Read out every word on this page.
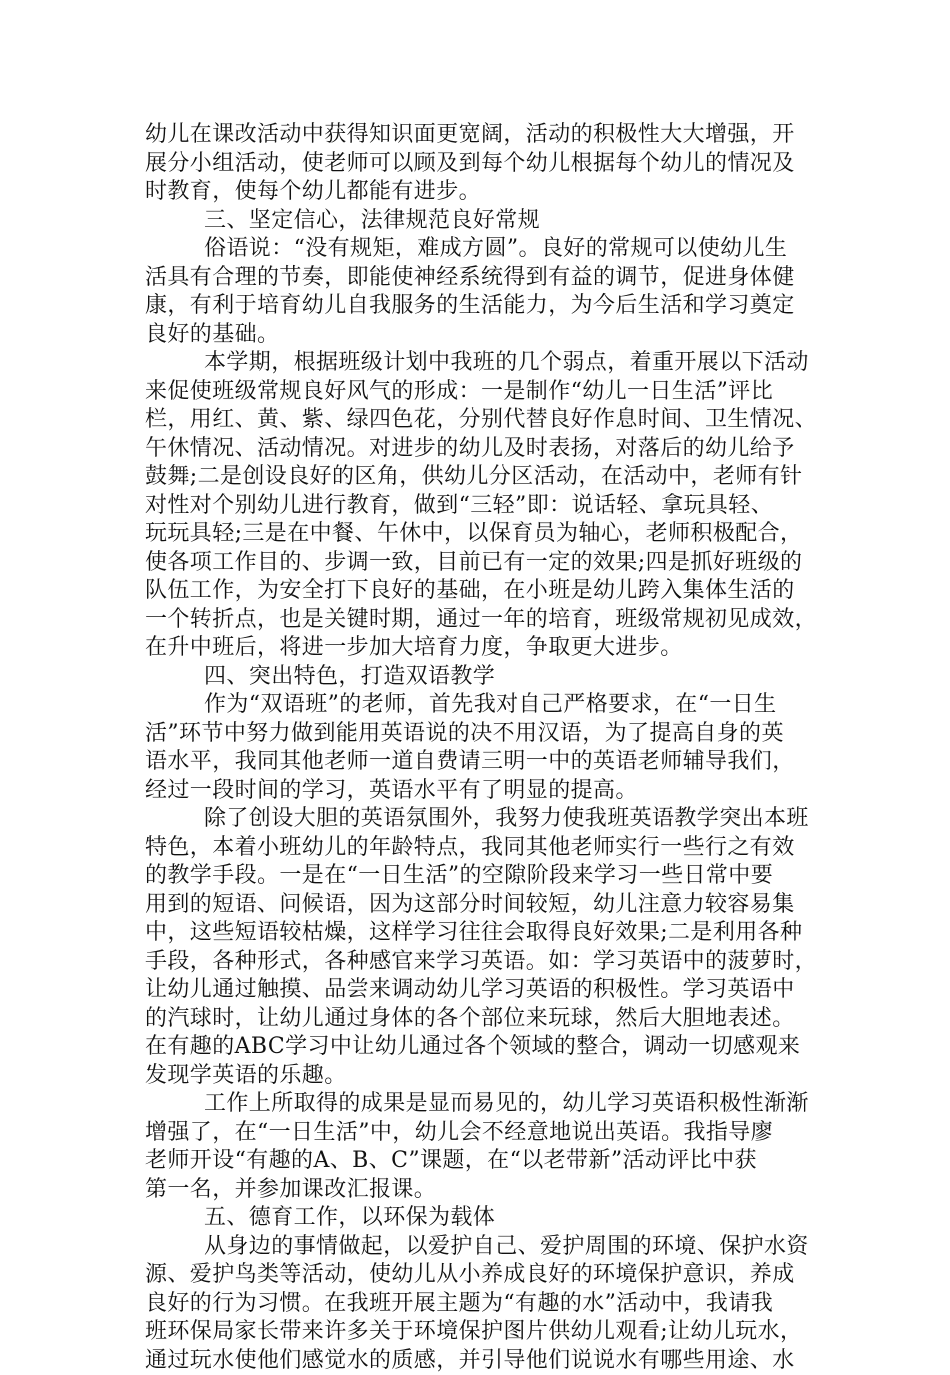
幼儿在课改活动中获得知识面更宽阔，活动的积极性大大增强，开
展分小组活动，使老师可以顾及到每个幼儿根据每个幼儿的情况及
时教育，使每个幼儿都能有进步。
三、坚定信心，法律规范良好常规
俗语说：“没有规矩，难成方圆”。良好的常规可以使幼儿生
活具有合理的节奏，即能使神经系统得到有益的调节，促进身体健
康，有利于培育幼儿自我服务的生活能力，为今后生活和学习奠定
良好的基础。
本学期，根据班级计划中我班的几个弱点，着重开展以下活动
来促使班级常规良好风气的形成：一是制作“幼儿一日生活”评比
栏，用红、黄、紫、绿四色花，分别代替良好作息时间、卫生情况、
午休情况、活动情况。对进步的幼儿及时表扬，对落后的幼儿给予
鼓舞;二是创设良好的区角，供幼儿分区活动，在活动中，老师有针
对性对个别幼儿进行教育，做到“三轻”即：说话轻、拿玩具轻、
玩玩具轻;三是在中餐、午休中，以保育员为轴心，老师积极配合，
使各项工作目的、步调一致，目前已有一定的效果;四是抓好班级的
队伍工作，为安全打下良好的基础，在小班是幼儿跨入集体生活的
一个转折点，也是关键时期，通过一年的培育，班级常规初见成效，
在升中班后，将进一步加大培育力度，争取更大进步。
四、突出特色，打造双语教学
作为“双语班”的老师，首先我对自己严格要求，在“一日生
活”环节中努力做到能用英语说的决不用汉语，为了提高自身的英
语水平，我同其他老师一道自费请三明一中的英语老师辅导我们，
经过一段时间的学习，英语水平有了明显的提高。
除了创设大胆的英语氛围外，我努力使我班英语教学突出本班
特色，本着小班幼儿的年龄特点，我同其他老师实行一些行之有效
的教学手段。一是在“一日生活”的空隙阶段来学习一些日常中要
用到的短语、问候语，因为这部分时间较短，幼儿注意力较容易集
中，这些短语较枯燥，这样学习往往会取得良好效果;二是利用各种
手段，各种形式，各种感官来学习英语。如：学习英语中的菠萝时，
让幼儿通过触摸、品尝来调动幼儿学习英语的积极性。学习英语中
的汽球时，让幼儿通过身体的各个部位来玩球，然后大胆地表述。
在有趣的ABC学习中让幼儿通过各个领域的整合，调动一切感观来
发现学英语的乐趣。
工作上所取得的成果是显而易见的，幼儿学习英语积极性渐渐
增强了，在“一日生活”中，幼儿会不经意地说出英语。我指导廖
老师开设“有趣的A、B、C”课题，在“以老带新”活动评比中获
第一名，并参加课改汇报课。
五、德育工作，以环保为载体
从身边的事情做起，以爱护自己、爱护周围的环境、保护水资
源、爱护鸟类等活动，使幼儿从小养成良好的环境保护意识，养成
良好的行为习惯。在我班开展主题为“有趣的水”活动中，我请我
班环保局家长带来许多关于环境保护图片供幼儿观看;让幼儿玩水，
通过玩水使他们感觉水的质感，并引导他们说说水有哪些用途、水
